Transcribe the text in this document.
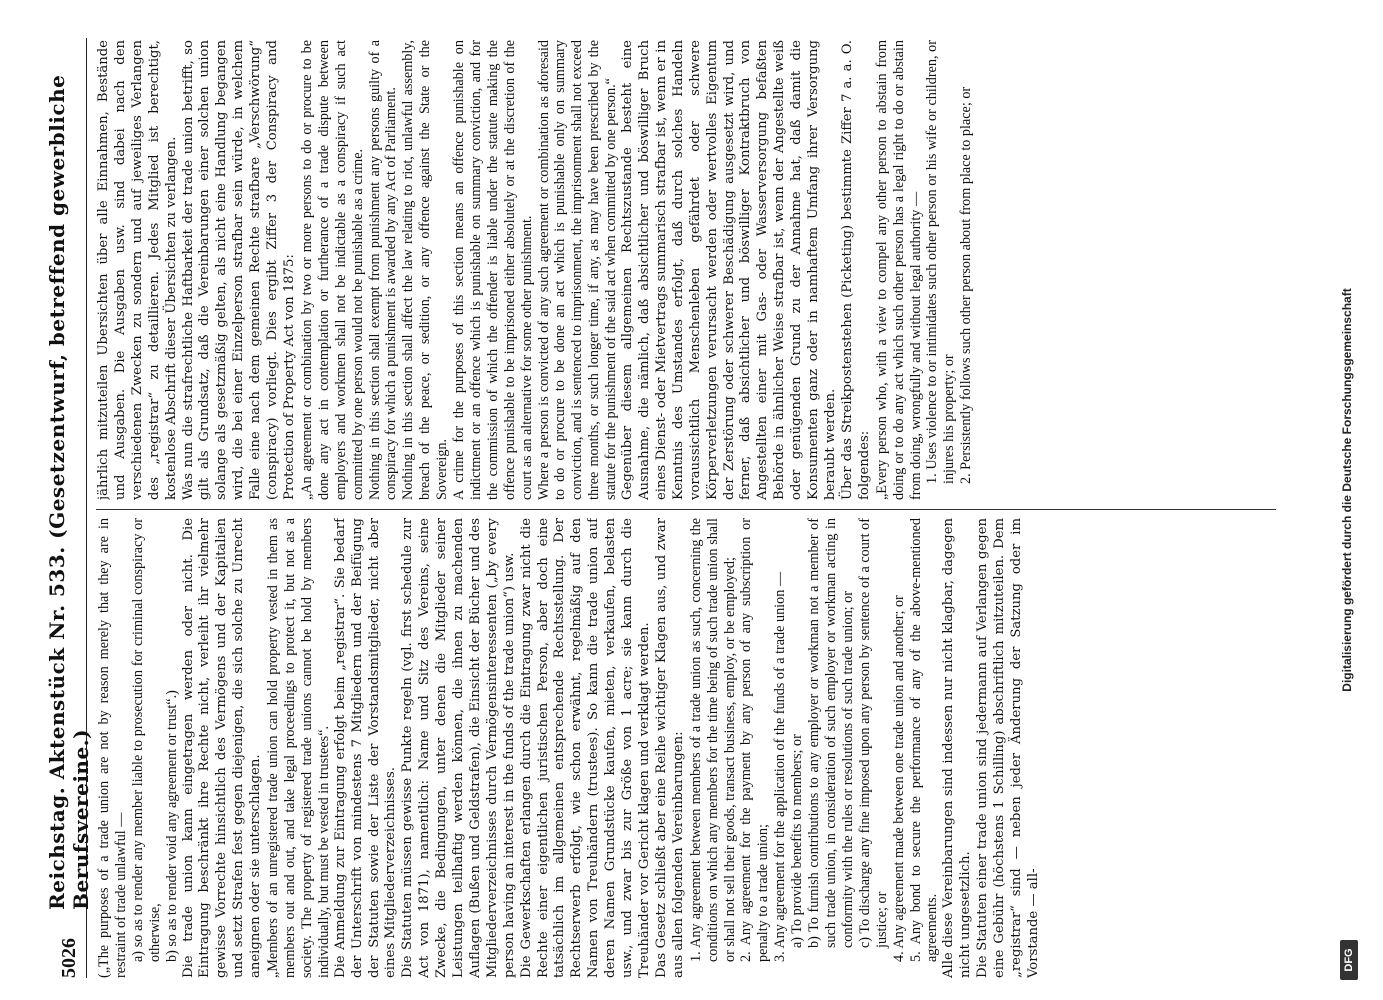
5026
Reichstag. Aktenstück Nr. 533. (Gesetzentwurf, betreffend gewerbliche Berufsvereine.) („The purposes of a trade union are not by reason merely that they are in restraint of trade unlawful — a) so as to render any member liable to prosecution for criminal conspiracy or otherwise, b) so as to render void any agreement or trust“.) Die trade union kann eingetragen werden oder nicht. Die Eintragung beschränkt ihre Rechte nicht, verleiht ihr vielmehr gewisse Vorrechte hinsichtlich des Vermögens und der Kapitalien und setzt Strafen fest gegen diejenigen, die sich solche zu Unrecht aneignen oder sie unterschlagen. „Members of an unregistered trade union can hold property vested in them as members out and out, and take legal proceedings to protect it, but not as a society. The property of registered trade unions cannot be hold by members individually, but must be vested in trustees“. Die Anmeldung zur Eintragung erfolgt beim „registrar“. Sie bedarf der Unterschrift von mindestens 7 Mitgliedern und der Beifügung der Statuten sowie der Liste der Vorstandsmitglieder, nicht aber eines Mitgliederverzeichnisses. Die Statuten müssen gewisse Punkte regeln (vgl. first schedule zur Act von 1871), namentlich: Name und Sitz des Vereins, seine Zwecke, die Bedingungen, unter denen die Mitglieder seiner Leistungen teilhaftig werden können, die ihnen zu machenden Auflagen (Bußen und Geldstrafen), die Einsicht der Bücher und des Mitgliederverzeichnisses durch Vermögensinteressenten („by every person having an interest in the funds of the trade union“) usw. Die Gewerkschaften erlangen durch die Eintragung zwar nicht die Rechte einer eigentlichen juristischen Person, aber doch eine tatsächlich im allgemeinen entsprechende Rechtsstellung. Der Rechtserwerb erfolgt, wie schon erwähnt, regelmäßig auf den Namen von Treuhändern (trustees). So kann die trade union auf deren Namen Grundstücke kaufen, mieten, verkaufen, belasten usw., und zwar bis zur Größe von 1 acre; sie kann durch die Treuhänder vor Gericht klagen und verklagt werden. Das Gesetz schließt aber eine Reihe wichtiger Klagen aus, und zwar aus allen folgenden Vereinbarungen: 1. Any agreement between members of a trade union as such, concerning the conditions on which any members for the time being of such trade union shall or shall not sell their goods, transact business, employ, or be employed; 2. Any agreement for the payment by any person of any subscription or penalty to a trade union; 3. Any agreement for the application of the funds of a trade union — a) To provide benefits to members; or b) To furnish contributions to any employer or workman not a member of such trade union, in consideration of such employer or workman acting in conformity with the rules or resolutions of such trade union; or c) To discharge any fine imposed upon any person by sentence of a court of justice; or 4. Any agreement made between one trade union and another; or 5. Any bond to secure the performance of any of the above-mentioned agreements. Alle diese Vereinbarungen sind indessen nur nicht klagbar, dagegen nicht ungesetzlich. Die Statuten einer trade union sind jedermann auf Verlangen gegen eine Gebühr (höchstens 1 Schilling) abschriftlich mitzuteilen. Dem „registrar“ sind — neben jeder Änderung der Satzung oder im Vorstande — all-

jährlich mitzuteilen Übersichten über alle Einnahmen, Bestände und Ausgaben. Die Ausgaben usw. sind dabei nach den verschiedenen Zwecken zu sondern und auf jeweiliges Verlangen des „registrar“ zu detaillieren. Jedes Mitglied ist berechtigt, kostenlose Abschrift dieser Übersichten zu verlangen. Was nun die strafrechtliche Haftbarkeit der trade union betrifft, so gilt als Grundsatz, daß die Vereinbarungen einer solchen union solange als gesetzmäßig gelten, als nicht eine Handlung begangen wird, die bei einer Einzelperson strafbar sein würde, in welchem Falle eine nach dem gemeinen Rechte strafbare „Verschwörung“ (conspiracy) vorliegt. Dies ergibt Ziffer 3 der Conspiracy and Protection of Property Act von 1875: „An agreement or combination by two or more persons to do or procure to be done any act in contemplation or furtherance of a trade dispute between employers and workmen shall not be indictable as a conspiracy if such act committed by one person would not be punishable as a crime. Nothing in this section shall exempt from punishment any persons guilty of a conspiracy for which a punishment is awarded by any Act of Parliament. Nothing in this section shall affect the law relating to riot, unlawful assembly, breach of the peace, or sedition, or any offence against the State or the Sovereign. A crime for the purposes of this section means an offence punishable on indictment or an offence which is punishable on summary conviction, and for the commission of which the offender is liable under the statute making the offence punishable to be imprisoned either absolutely or at the discretion of the court as an alternative for some other punishment. Where a person is convicted of any such agreement or combination as aforesaid to do or procure to be done an act which is punishable only on summary conviction, and is sentenced to imprisonment, the imprisonment shall not exceed three months, or such longer time, if any, as may have been prescribed by the statute for the punishment of the said act when committed by one person.“ Gegenüber diesem allgemeinen Rechtszustande besteht eine Ausnahme, die nämlich, daß absichtlicher und böswilliger Bruch eines Dienst- oder Mietvertrags summarisch strafbar ist, wenn er in Kenntnis des Umstandes erfolgt, daß durch solches Handeln voraussichtlich Menschenleben gefährdet oder schwere Körperverletzungen verursacht werden oder wertvolles Eigentum der Zerstörung oder schwerer Beschädigung ausgesetzt wird, und ferner, daß absichtlicher und böswilliger Kontraktbruch von Angestellten einer mit Gas- oder Wasserversorgung befaßten Behörde in ähnlicher Weise strafbar ist, wenn der Angestellte weiß oder genügenden Grund zu der Annahme hat, daß damit die Konsumenten ganz oder in namhaftem Umfang ihrer Versorgung beraubt werden. Über das Streikpostenstehen (Picketing) bestimmte Ziffer 7 a. a. O. folgendes: „Every person who, with a view to compel any other person to abstain from doing or to do any act which such other person has a legal right to do or abstain from doing, wrongfully and without legal authority — 1. Uses violence to or intimidates such other person or his wife or children, or injures his property; or 2. Persistently follows such other person about from place to place; or

DFG
Digitalisierung gefördert durch die Deutsche Forschungsgemeinschaft
